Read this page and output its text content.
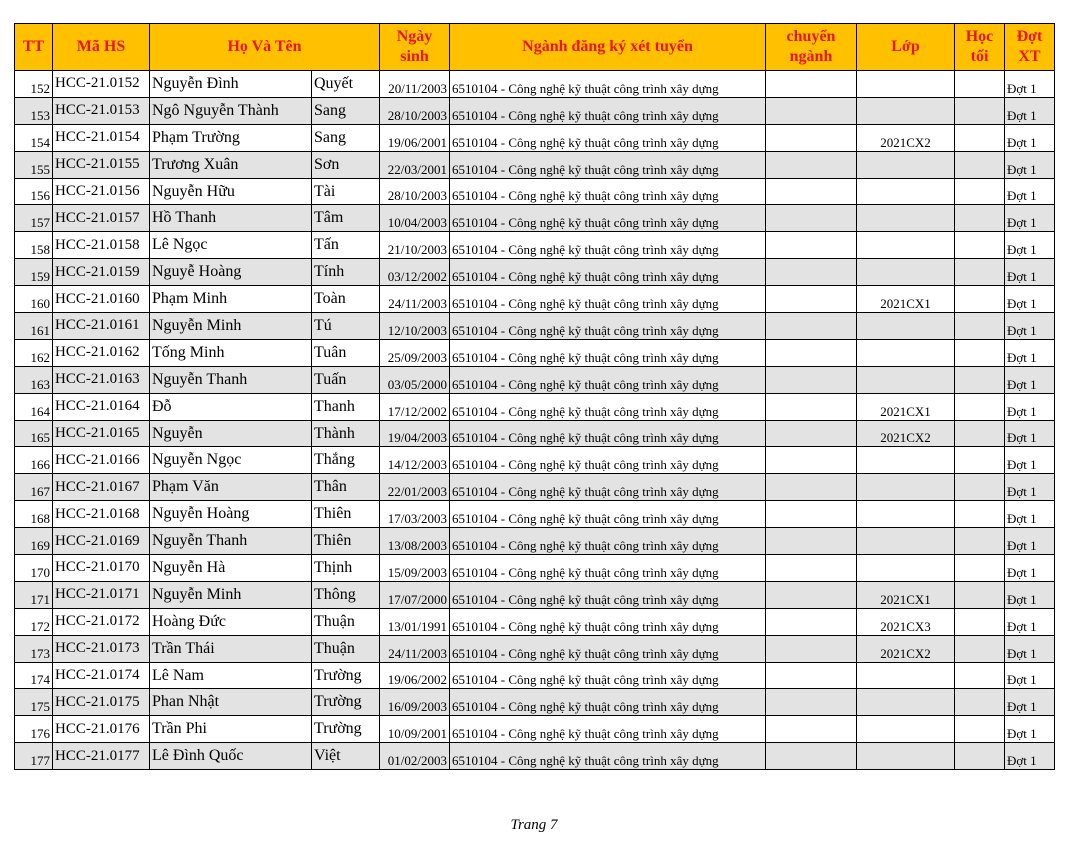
TT	Mã HS	Họ Và Tên		Ngày sinh	Ngành đăng ký xét tuyển	chuyển ngành	Lớp	Học tối	Đợt XT
152	HCC-21.0152	Nguyễn Đình	Quyết	20/11/2003	6510104 - Công nghệ kỹ thuật công trình xây dựng				Đợt 1
153	HCC-21.0153	Ngô Nguyễn Thành	Sang	28/10/2003	6510104 - Công nghệ kỹ thuật công trình xây dựng				Đợt 1
154	HCC-21.0154	Phạm Trường	Sang	19/06/2001	6510104 - Công nghệ kỹ thuật công trình xây dựng		2021CX2		Đợt 1
155	HCC-21.0155	Trương Xuân	Sơn	22/03/2001	6510104 - Công nghệ kỹ thuật công trình xây dựng				Đợt 1
156	HCC-21.0156	Nguyễn Hữu	Tài	28/10/2003	6510104 - Công nghệ kỹ thuật công trình xây dựng				Đợt 1
157	HCC-21.0157	Hồ Thanh	Tâm	10/04/2003	6510104 - Công nghệ kỹ thuật công trình xây dựng				Đợt 1
158	HCC-21.0158	Lê Ngọc	Tấn	21/10/2003	6510104 - Công nghệ kỹ thuật công trình xây dựng				Đợt 1
159	HCC-21.0159	Nguyễ Hoàng	Tính	03/12/2002	6510104 - Công nghệ kỹ thuật công trình xây dựng				Đợt 1
160	HCC-21.0160	Phạm Minh	Toàn	24/11/2003	6510104 - Công nghệ kỹ thuật công trình xây dựng		2021CX1		Đợt 1
161	HCC-21.0161	Nguyễn Minh	Tú	12/10/2003	6510104 - Công nghệ kỹ thuật công trình xây dựng				Đợt 1
162	HCC-21.0162	Tống Minh	Tuân	25/09/2003	6510104 - Công nghệ kỹ thuật công trình xây dựng				Đợt 1
163	HCC-21.0163	Nguyễn Thanh	Tuấn	03/05/2000	6510104 - Công nghệ kỹ thuật công trình xây dựng				Đợt 1
164	HCC-21.0164	Đỗ	Thanh	17/12/2002	6510104 - Công nghệ kỹ thuật công trình xây dựng		2021CX1		Đợt 1
165	HCC-21.0165	Nguyễn	Thành	19/04/2003	6510104 - Công nghệ kỹ thuật công trình xây dựng		2021CX2		Đợt 1
166	HCC-21.0166	Nguyễn Ngọc	Thắng	14/12/2003	6510104 - Công nghệ kỹ thuật công trình xây dựng				Đợt 1
167	HCC-21.0167	Phạm Văn	Thân	22/01/2003	6510104 - Công nghệ kỹ thuật công trình xây dựng				Đợt 1
168	HCC-21.0168	Nguyễn Hoàng	Thiên	17/03/2003	6510104 - Công nghệ kỹ thuật công trình xây dựng				Đợt 1
169	HCC-21.0169	Nguyễn Thanh	Thiên	13/08/2003	6510104 - Công nghệ kỹ thuật công trình xây dựng				Đợt 1
170	HCC-21.0170	Nguyễn Hà	Thịnh	15/09/2003	6510104 - Công nghệ kỹ thuật công trình xây dựng				Đợt 1
171	HCC-21.0171	Nguyễn Minh	Thông	17/07/2000	6510104 - Công nghệ kỹ thuật công trình xây dựng		2021CX1		Đợt 1
172	HCC-21.0172	Hoàng Đức	Thuận	13/01/1991	6510104 - Công nghệ kỹ thuật công trình xây dựng		2021CX3		Đợt 1
173	HCC-21.0173	Trần Thái	Thuận	24/11/2003	6510104 - Công nghệ kỹ thuật công trình xây dựng		2021CX2		Đợt 1
174	HCC-21.0174	Lê Nam	Trường	19/06/2002	6510104 - Công nghệ kỹ thuật công trình xây dựng				Đợt 1
175	HCC-21.0175	Phan Nhật	Trường	16/09/2003	6510104 - Công nghệ kỹ thuật công trình xây dựng				Đợt 1
176	HCC-21.0176	Trần Phi	Trường	10/09/2001	6510104 - Công nghệ kỹ thuật công trình xây dựng				Đợt 1
177	HCC-21.0177	Lê Đình Quốc	Việt	01/02/2003	6510104 - Công nghệ kỹ thuật công trình xây dựng				Đợt 1
Trang 7
